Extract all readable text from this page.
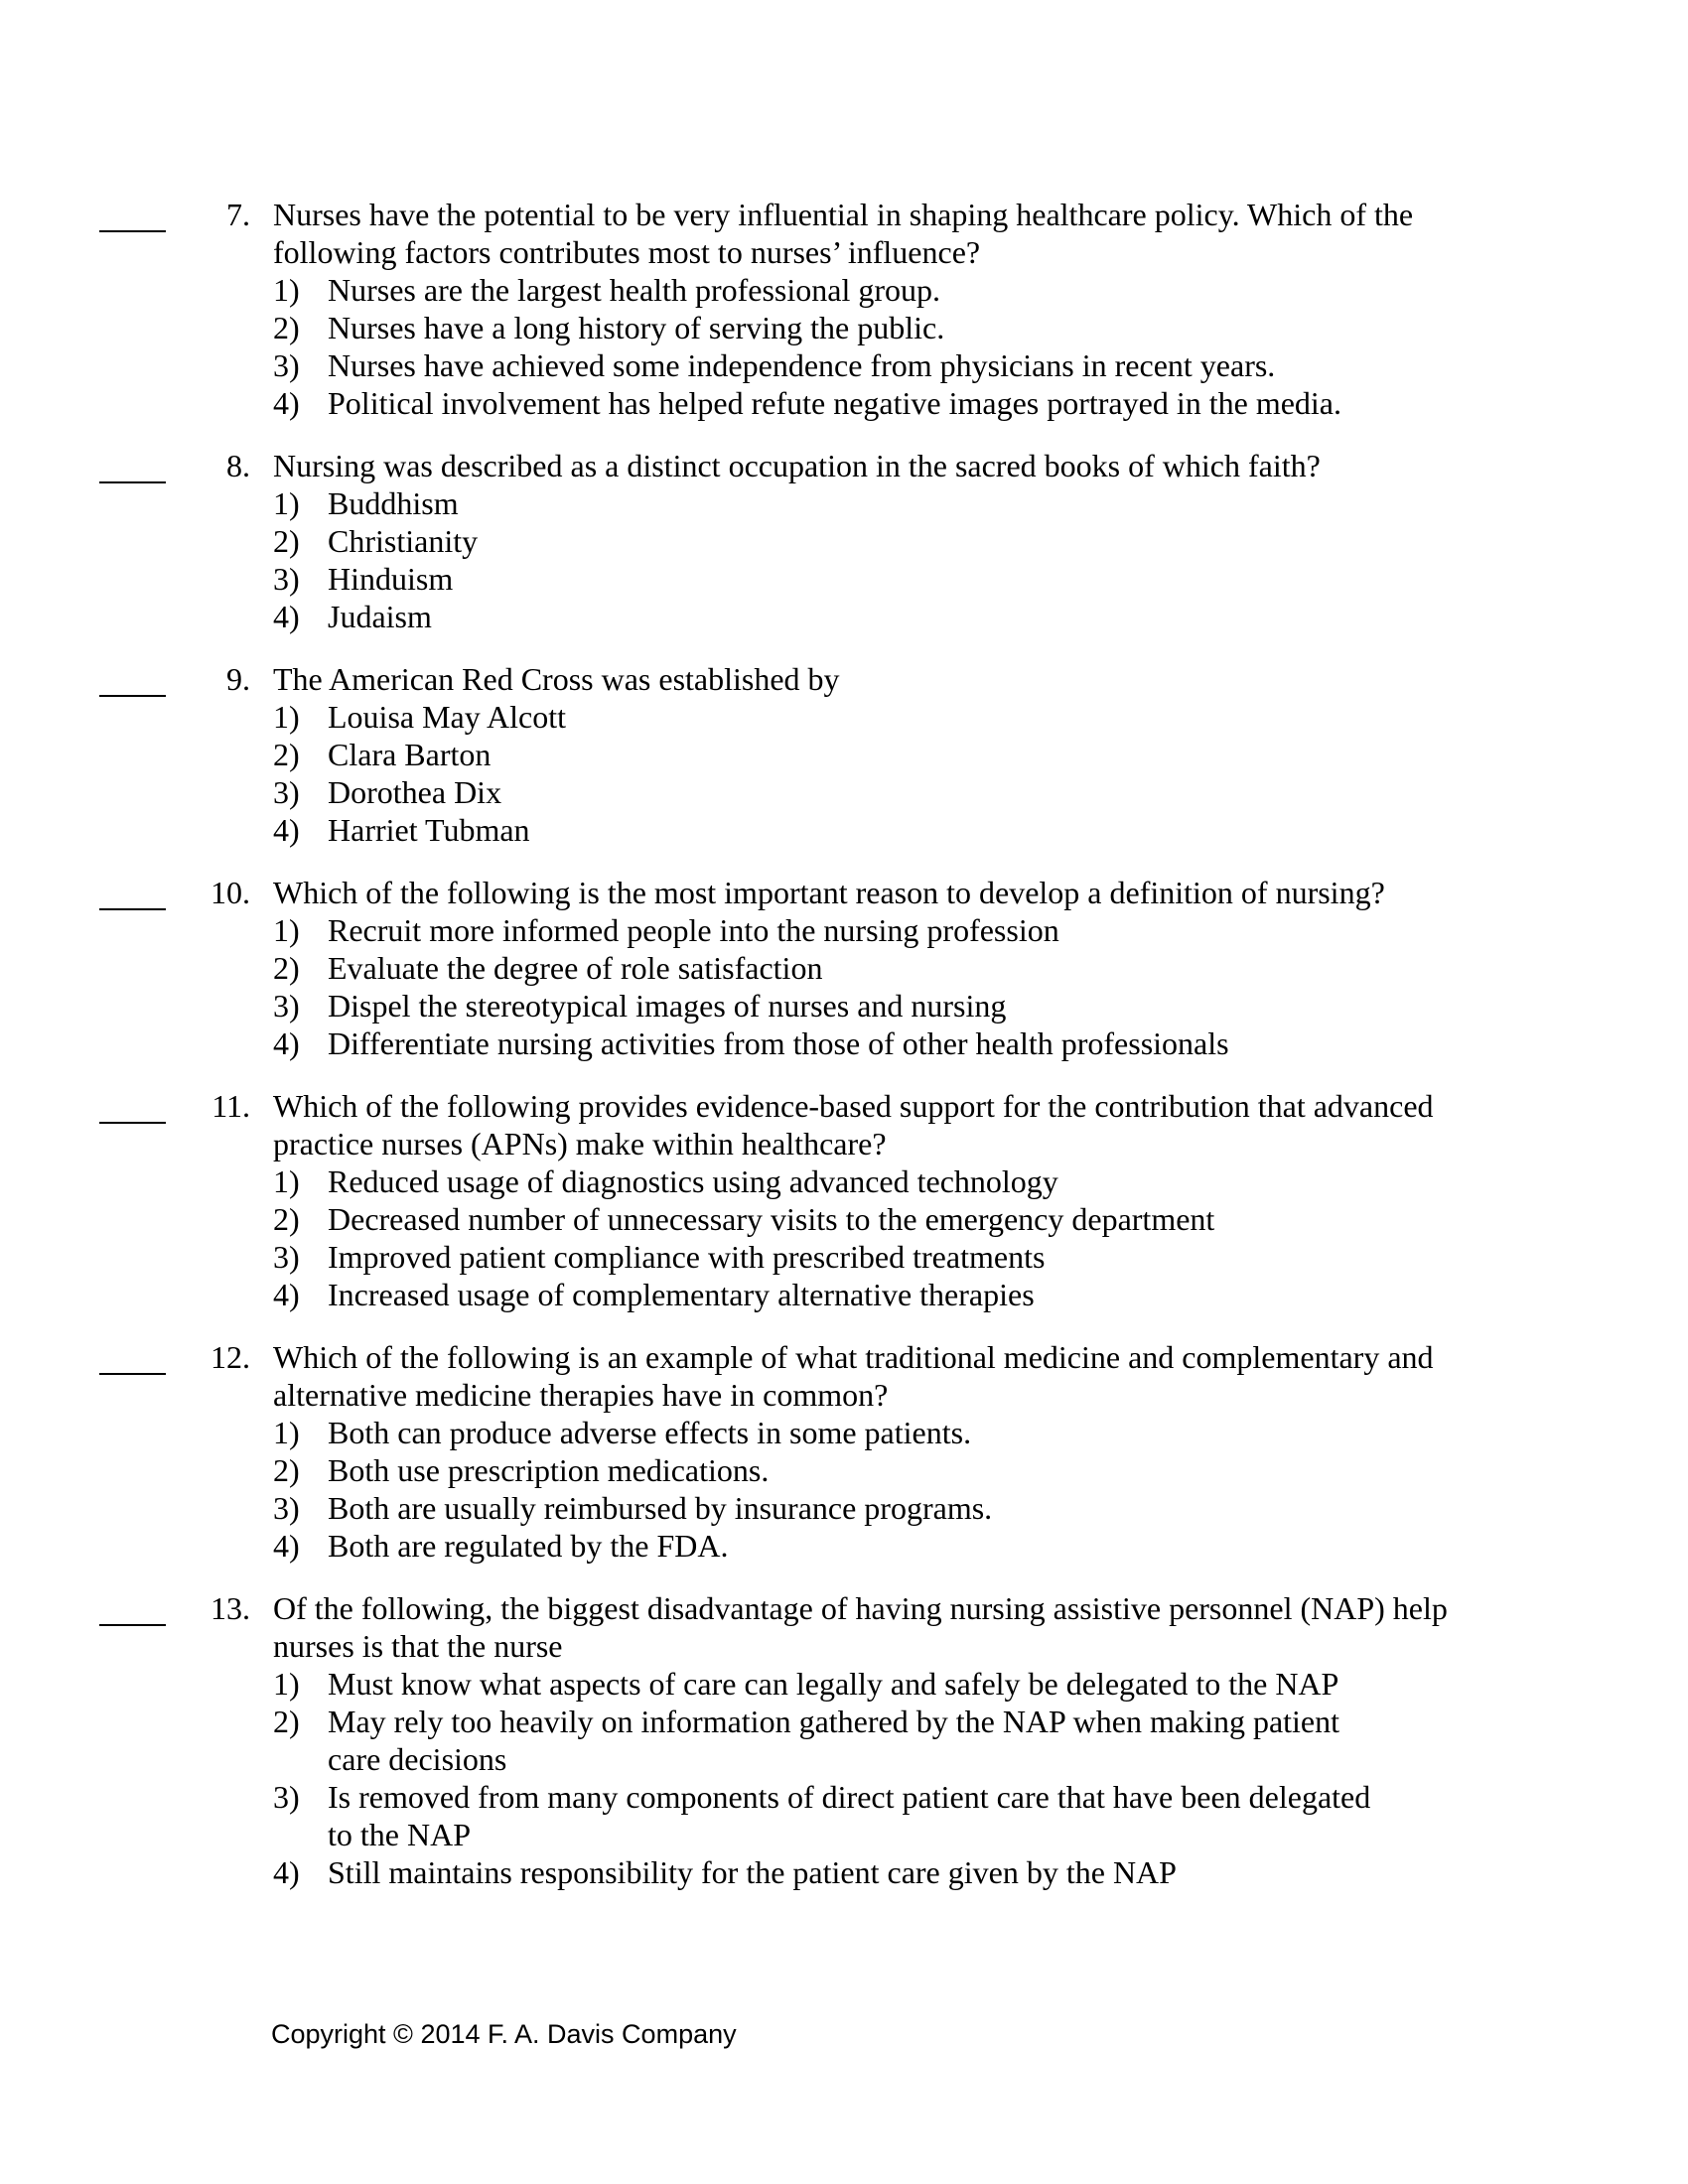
7. Nurses have the potential to be very influential in shaping healthcare policy. Which of the
following factors contributes most to nurses’ influence?
1) Nurses are the largest health professional group.
2) Nurses have a long history of serving the public.
3) Nurses have achieved some independence from physicians in recent years.
4) Political involvement has helped refute negative images portrayed in the media.
8. Nursing was described as a distinct occupation in the sacred books of which faith?
1) Buddhism
2) Christianity
3) Hinduism
4) Judaism
9. The American Red Cross was established by
1) Louisa May Alcott
2) Clara Barton
3) Dorothea Dix
4) Harriet Tubman
10. Which of the following is the most important reason to develop a definition of nursing?
1) Recruit more informed people into the nursing profession
2) Evaluate the degree of role satisfaction
3) Dispel the stereotypical images of nurses and nursing
4) Differentiate nursing activities from those of other health professionals
11. Which of the following provides evidence-based support for the contribution that advanced
practice nurses (APNs) make within healthcare?
1) Reduced usage of diagnostics using advanced technology
2) Decreased number of unnecessary visits to the emergency department
3) Improved patient compliance with prescribed treatments
4) Increased usage of complementary alternative therapies
12. Which of the following is an example of what traditional medicine and complementary and
alternative medicine therapies have in common?
1) Both can produce adverse effects in some patients.
2) Both use prescription medications.
3) Both are usually reimbursed by insurance programs.
4) Both are regulated by the FDA.
13. Of the following, the biggest disadvantage of having nursing assistive personnel (NAP) help
nurses is that the nurse
1) Must know what aspects of care can legally and safely be delegated to the NAP
2) May rely too heavily on information gathered by the NAP when making patient
care decisions
3) Is removed from many components of direct patient care that have been delegated
to the NAP
4) Still maintains responsibility for the patient care given by the NAP
Copyright © 2014 F. A. Davis Company
